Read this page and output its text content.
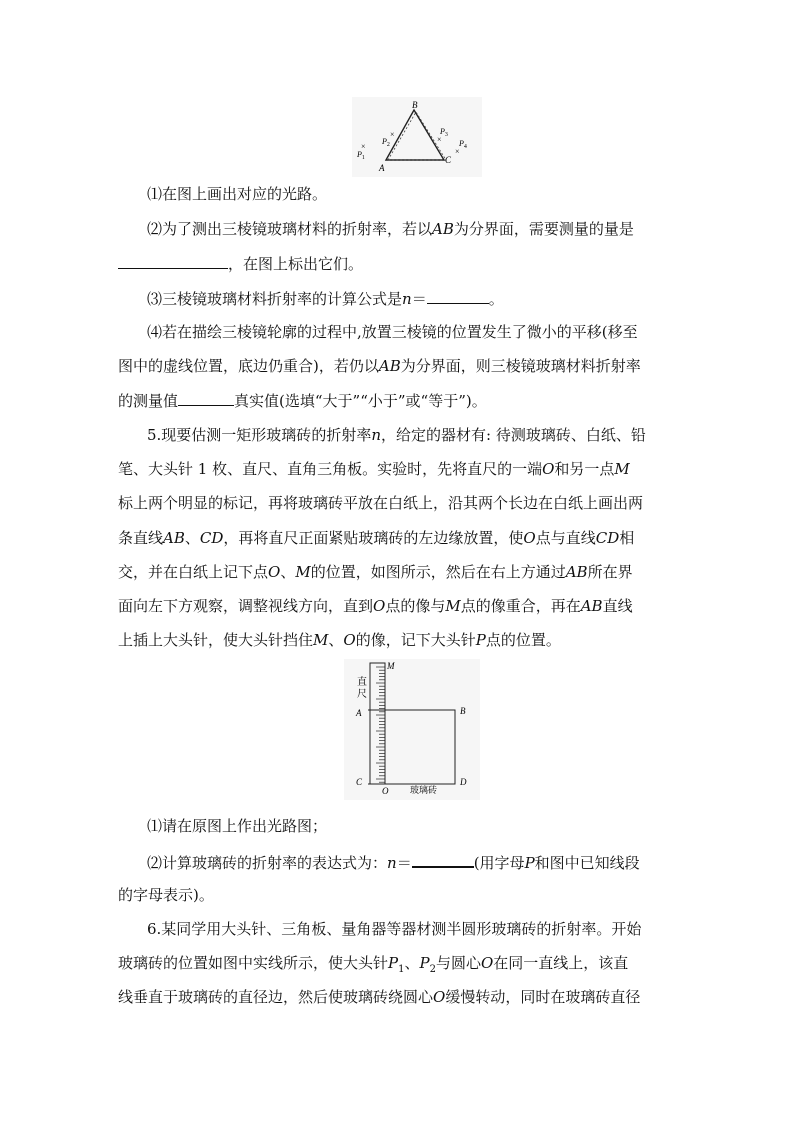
B
A
C
×
$P_1$
×
$P_2$
×
$P_3$
×
$P_4$
⑴在图上画出对应的光路。
⑵为了测出三棱镜玻璃材料的折射率，若以AB为分界面，需要测量的量是
，在图上标出它们。
⑶三棱镜玻璃材料折射率的计算公式是n＝	。
⑷若在描绘三棱镜轮廓的过程中,放置三棱镜的位置发生了微小的平移(移至
图中的虚线位置，底边仍重合)，若仍以AB为分界面，则三棱镜玻璃材料折射率
的测量值	真实值(选填“大于”“小于”或“等于”)。
5.现要估测一矩形玻璃砖的折射率n，给定的器材有: 待测玻璃砖、白纸、铅
笔、大头针 1 枚、直尺、直角三角板。实验时，先将直尺的一端O和另一点M
标上两个明显的标记，再将玻璃砖平放在白纸上，沿其两个长边在白纸上画出两
条直线AB、CD，再将直尺正面紧贴玻璃砖的左边缘放置，使O点与直线CD相
交，并在白纸上记下点O、M的位置，如图所示，然后在右上方通过AB所在界
面向左下方观察，调整视线方向，直到O点的像与M点的像重合，再在AB直线
上插上大头针，使大头针挡住M、O的像，记下大头针P点的位置。
直
尺
M
A	B
C	D
O 玻璃砖
⑴请在原图上作出光路图；
⑵计算玻璃砖的折射率的表达式为：n＝	(用字母P和图中已知线段
的字母表示)。
6.某同学用大头针、三角板、量角器等器材测半圆形玻璃砖的折射率。开始
玻璃砖的位置如图中实线所示，使大头针$P_1$、$P_2$与圆心O在同一直线上，该直
线垂直于玻璃砖的直径边，然后使玻璃砖绕圆心O缓慢转动，同时在玻璃砖直径
